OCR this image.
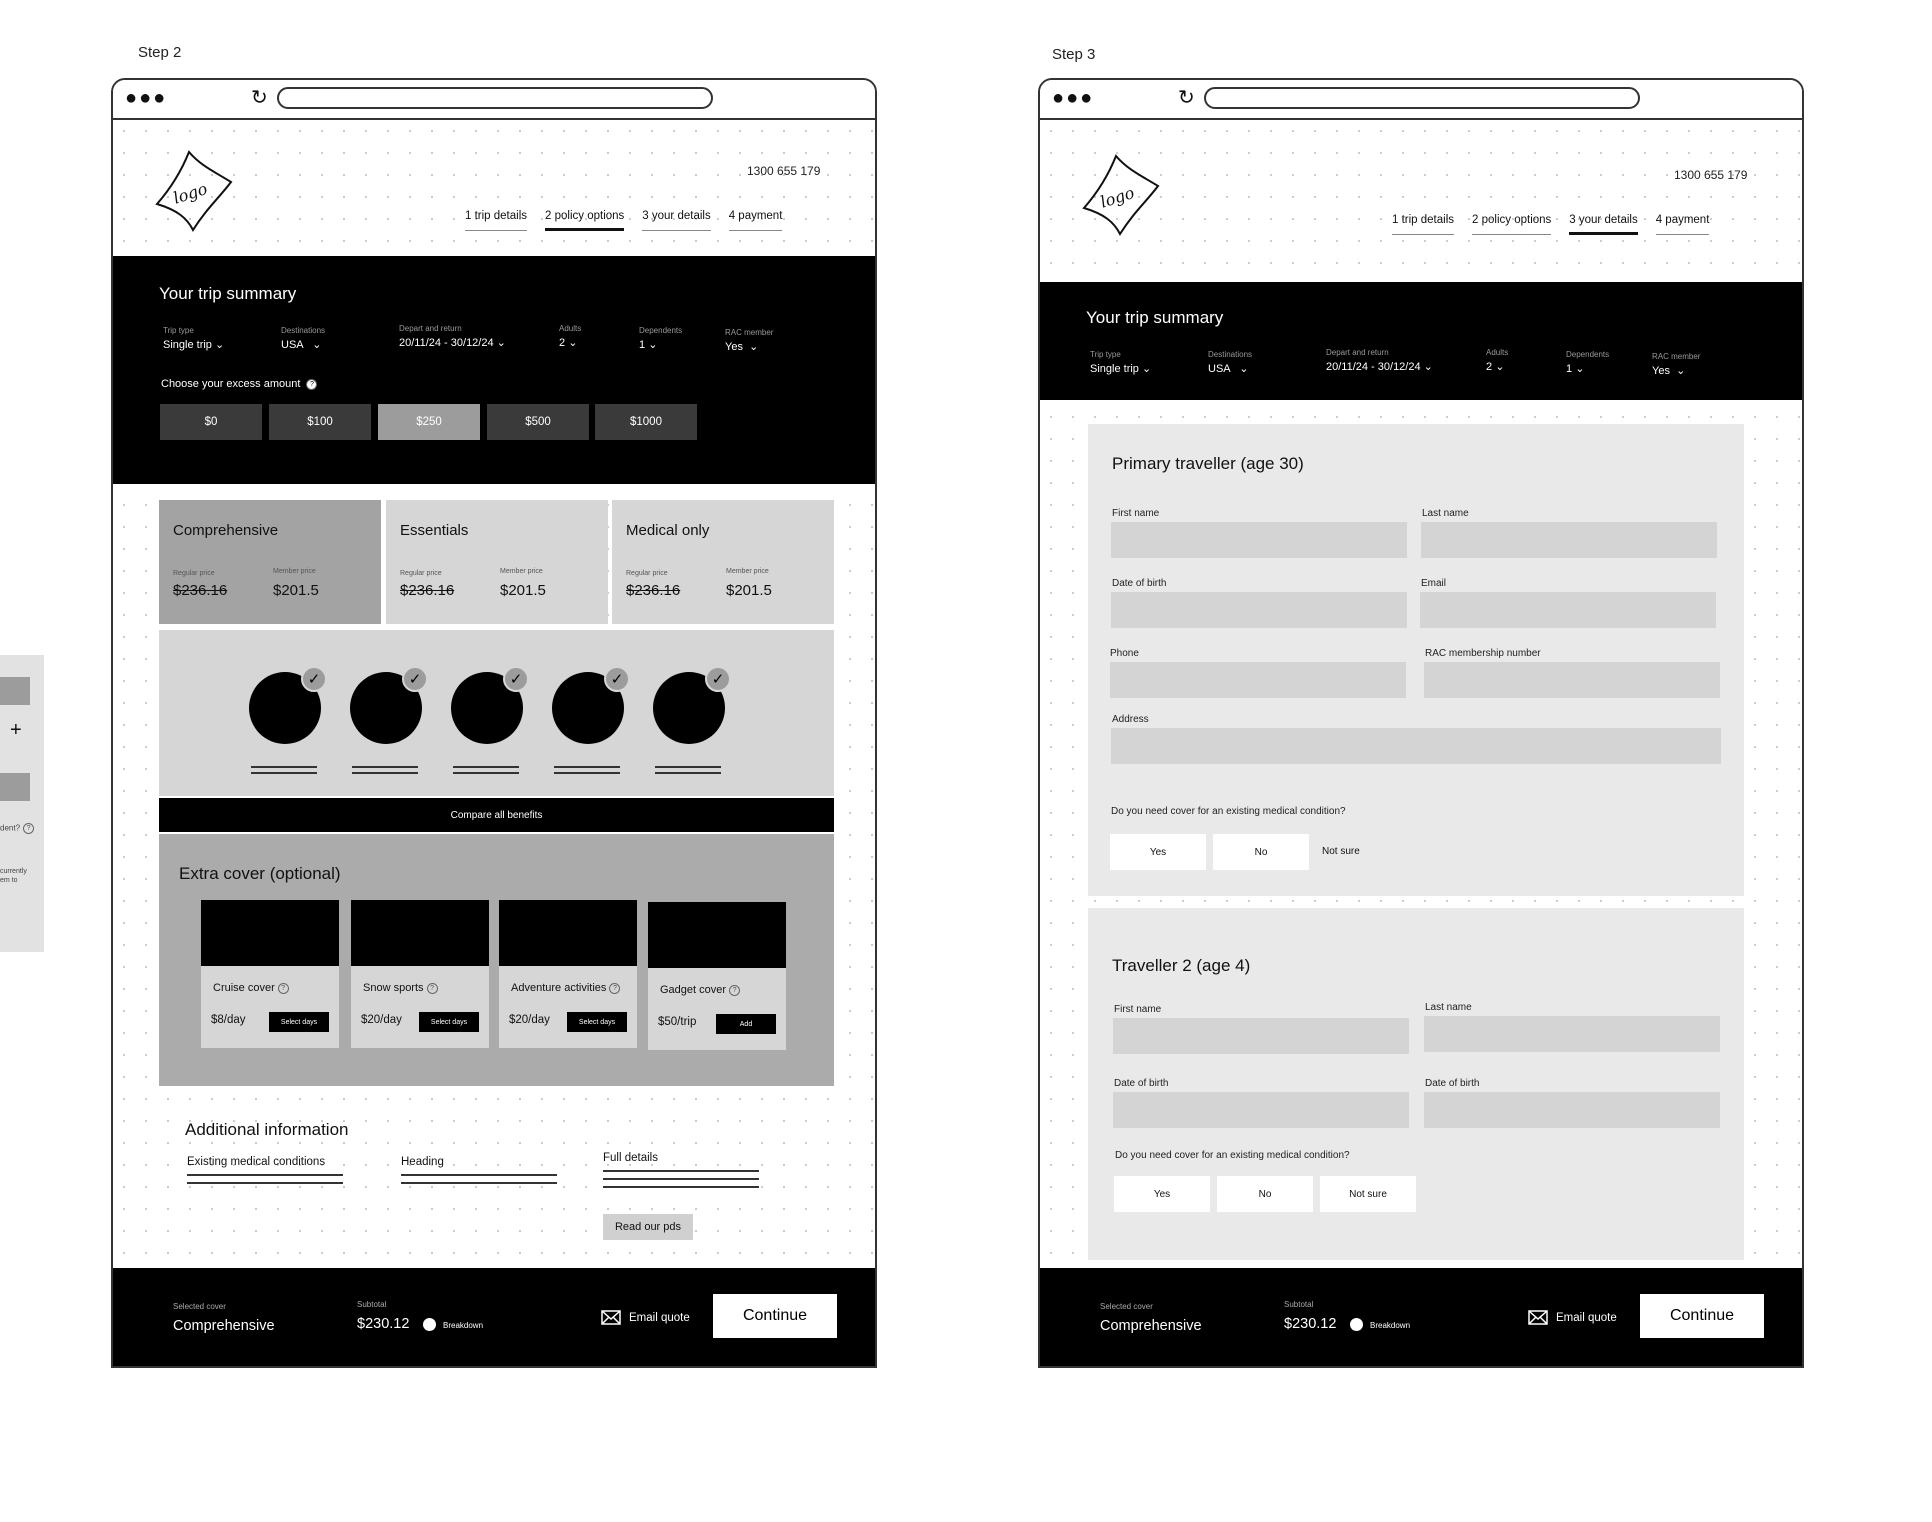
Step 2	Step 3
+
dent? ?
currently
em to
●●●	↻
logo
1300 655 179
1 trip details 2 policy options 3 your details 4 payment
Your trip summary
Trip type
Single trip ⌄
Destinations
USA ⌄
Depart and return
20/11/24 - 30/12/24 ⌄
Adults
2 ⌄
Dependents
1 ⌄
RAC member
Yes ⌄
Choose your excess amount ?
$0	$100	$250	$500	$1000
Comprehensive
Regular price
$236.16
Member price
$201.5
Essentials
Regular price
$236.16
Member price
$201.5
Medical only
Regular price
$236.16
Member price
$201.5
✓	✓	✓	✓	✓
Compare all benefits
Extra cover (optional)
Cruise cover ?
$8/day	Select days
Snow sports ?
$20/day	Select days
Adventure activities ?
$20/day	Select days
Gadget cover ?
$50/trip	Add
Additional information
Existing medical conditions	Heading	Full details
Read our pds
Selected cover
Comprehensive
Subtotal
$230.12	Breakdown
Email quote	Continue
●●●	↻
logo
1300 655 179
1 trip details 2 policy options 3 your details 4 payment
Your trip summary
Trip type
Single trip ⌄
Destinations
USA ⌄
Depart and return
20/11/24 - 30/12/24 ⌄
Adults
2 ⌄
Dependents
1 ⌄
RAC member
Yes ⌄
Primary traveller (age 30)
First name	Last name
Date of birth	Email
Phone	RAC membership number
Address
Do you need cover for an existing medical condition?
Yes	No	Not sure
Traveller 2 (age 4)
First name	Last name
Date of birth	Date of birth
Do you need cover for an existing medical condition?
Yes	No	Not sure
Selected cover
Comprehensive
Subtotal
$230.12	Breakdown
Email quote	Continue
